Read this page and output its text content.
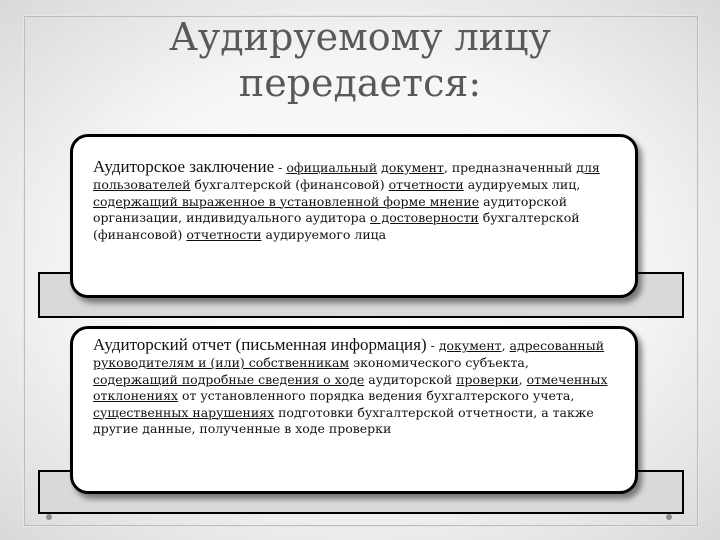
Аудируемому лицу
передается:

Аудиторское заключение - официальный документ, предназначенный для пользователей бухгалтерской (финансовой) отчетности аудируемых лиц, содержащий выраженное в установленной форме мнение аудиторской организации, индивидуального аудитора о достоверности бухгалтерской (финансовой) отчетности аудируемого лица

Аудиторский отчет (письменная информация) - документ, адресованный руководителям и (или) собственникам экономического субъекта, содержащий подробные сведения о ходе аудиторской проверки, отмеченных отклонениях от установленного порядка ведения бухгалтерского учета, существенных нарушениях подготовки бухгалтерской отчетности, а также другие данные, полученные в ходе проверки
